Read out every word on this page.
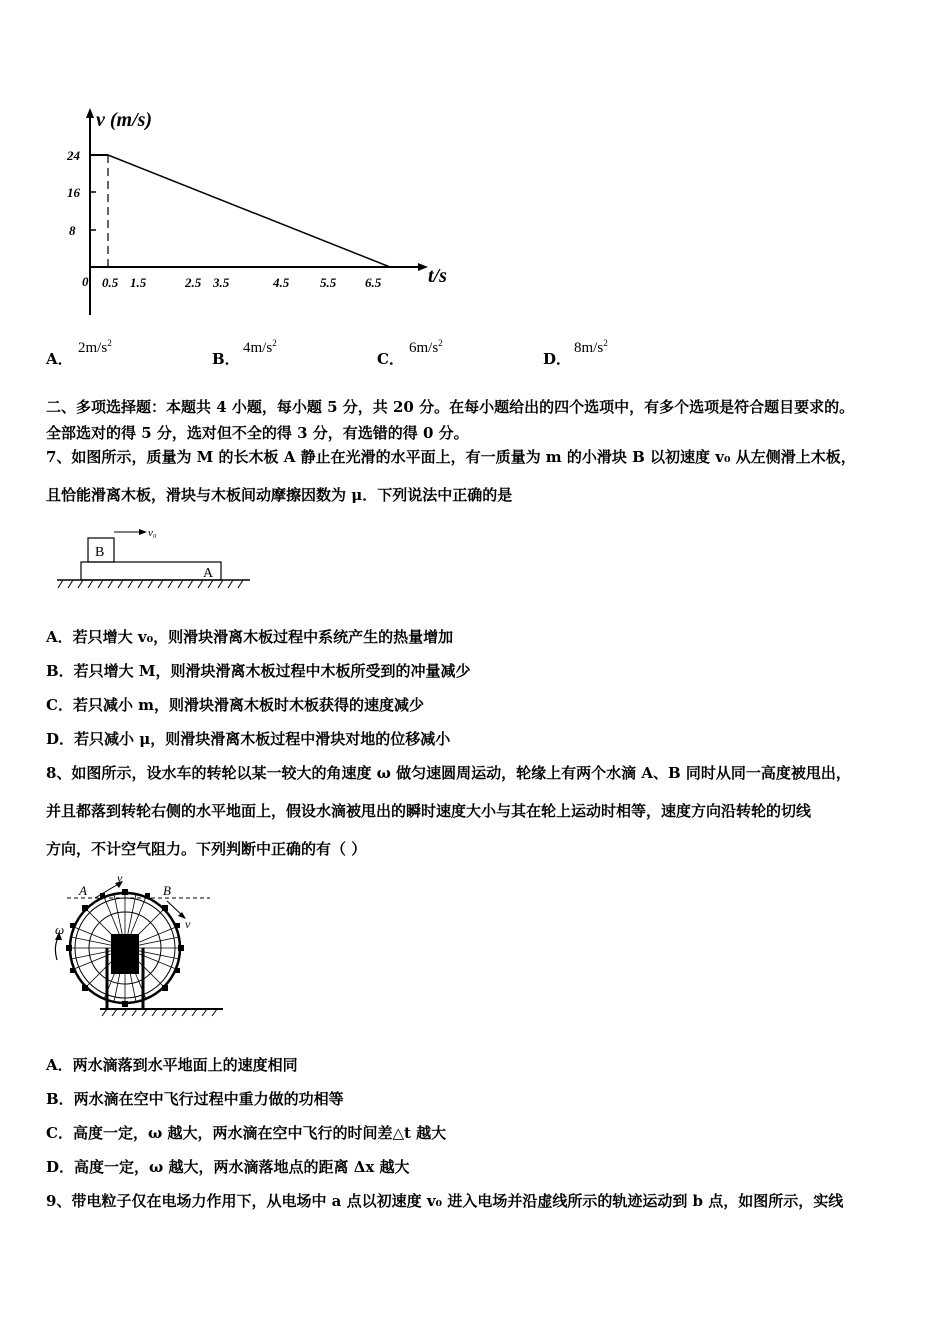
v (m/s)
t/s
24
16
8
0 0.5 1.5	2.5 3.5	4.5 5.5 6.5
A．
$2m/s^2$
B．
$4m/s^2$
C．
$6m/s^2$
D．
$8m/s^2$
二、多项选择题：本题共 4 小题，每小题 5 分，共 20 分。在每小题给出的四个选项中，有多个选项是符合题目要求的。
全部选对的得 5 分，选对但不全的得 3 分，有选错的得 0 分。
7、如图所示，质量为 M 的长木板 A 静止在光滑的水平面上，有一质量为 m 的小滑块 B 以初速度 v₀ 从左侧滑上木板，
且恰能滑离木板，滑块与木板间动摩擦因数为 μ．下列说法中正确的是
B
A
v₀
A．若只增大 v₀，则滑块滑离木板过程中系统产生的热量增加
B．若只增大 M，则滑块滑离木板过程中木板所受到的冲量减少
C．若只减小 m，则滑块滑离木板时木板获得的速度减少
D．若只减小 μ，则滑块滑离木板过程中滑块对地的位移减小
8、如图所示，设水车的转轮以某一较大的角速度 ω 做匀速圆周运动，轮缘上有两个水滴 A、B 同时从同一高度被甩出，
并且都落到转轮右侧的水平地面上，假设水滴被甩出的瞬时速度大小与其在轮上运动时相等，速度方向沿转轮的切线
方向，不计空气阻力。下列判断中正确的有（ ）
A
v
B
v
ω
A．两水滴落到水平地面上的速度相同
B．两水滴在空中飞行过程中重力做的功相等
C．高度一定，ω 越大，两水滴在空中飞行的时间差△t 越大
D．高度一定，ω 越大，两水滴落地点的距离 Δx 越大
9、带电粒子仅在电场力作用下，从电场中 a 点以初速度 v₀ 进入电场并沿虚线所示的轨迹运动到 b 点，如图所示，实线
